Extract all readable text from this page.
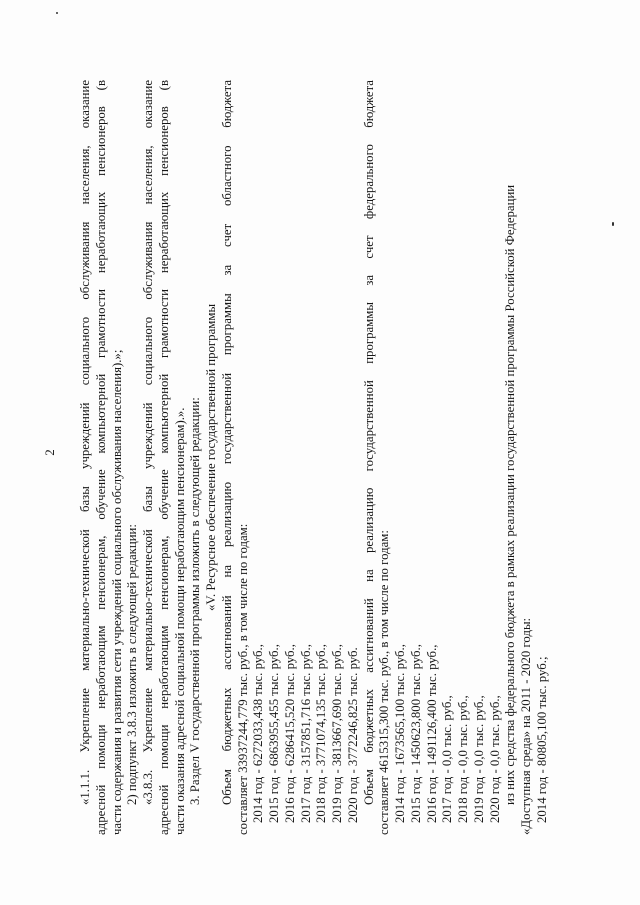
2 «1.1.1. Укрепление материально-технической базы учреждений социального обслуживания населения, оказание адресной помощи неработающим пенсионерам, обучение компьютерной грамотности неработающих пенсионеров (в части содержания и развития сети учреждений социального обслуживания населения).»; 2) подпункт 3.8.3 изложить в следующей редакции: «3.8.3. Укрепление материально-технической базы учреждений социального обслуживания населения, оказание адресной помощи неработающим пенсионерам, обучение компьютерной грамотности неработающих пенсионеров (в части оказания адресной социальной помощи неработающим пенсионерам).». 3. Раздел V государственной программы изложить в следующей редакции: «V. Ресурсное обеспечение государственной программы Объем бюджетных ассигнований на реализацию государственной программы за счет областного бюджета составляет 33937244,779 тыс. руб., в том числе по годам: 2014 год - 6272033,438 тыс. руб., 2015 год - 6863955,455 тыс. руб., 2016 год - 6286415,520 тыс. руб., 2017 год - 3157851,716 тыс. руб., 2018 год - 3771074,135 тыс. руб., 2019 год - 3813667,690 тыс. руб., 2020 год - 3772246,825 тыс. руб. Объем бюджетных ассигнований на реализацию государственной программы за счет федерального бюджета составляет 4615315,300 тыс. руб., в том числе по годам: 2014 год - 1673565,100 тыс. руб., 2015 год - 1450623,800 тыс. руб., 2016 год - 1491126,400 тыс. руб., 2017 год - 0,0 тыс. руб., 2018 год - 0,0 тыс. руб., 2019 год - 0,0 тыс. руб., 2020 год - 0,0 тыс. руб., из них средства федерального бюджета в рамках реализации государственной программы Российской Федерации «Доступная среда» на 2011 - 2020 годы: 2014 год - 80805,100 тыс. руб.;
